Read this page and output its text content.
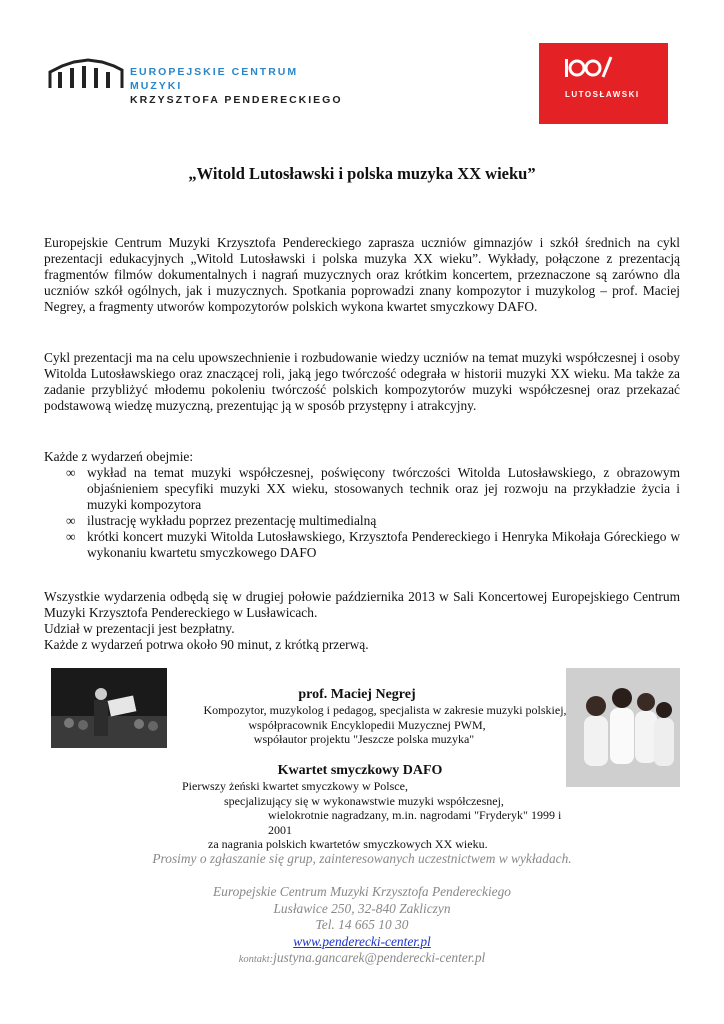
EUROPEJSKIE CENTRUM MUZYKI
KRZYSZTOFA PENDERECKIEGO	LUTOSŁAWSKI
„Witold Lutosławski i polska muzyka XX wieku”

Europejskie Centrum Muzyki Krzysztofa Pendereckiego zaprasza uczniów gimnazjów i szkół średnich na cykl prezentacji edukacyjnych „Witold Lutosławski i polska muzyka XX wieku”. Wykłady, połączone z prezentacją fragmentów filmów dokumentalnych i nagrań muzycznych oraz krótkim koncertem, przeznaczone są zarówno dla uczniów szkół ogólnych, jak i muzycznych. Spotkania poprowadzi znany kompozytor i muzykolog – prof. Maciej Negrey, a fragmenty utworów kompozytorów polskich wykona kwartet smyczkowy DAFO.

Cykl prezentacji ma na celu upowszechnienie i rozbudowanie wiedzy uczniów na temat muzyki współczesnej i osoby Witolda Lutosławskiego oraz znaczącej roli, jaką jego twórczość odegrała w historii muzyki XX wieku. Ma także za zadanie przybliżyć młodemu pokoleniu twórczość polskich kompozytorów muzyki współczesnej oraz przekazać podstawową wiedzę muzyczną, prezentując ją w sposób przystępny i atrakcyjny.

Każde z wydarzeń obejmie:
∞ wykład na temat muzyki współczesnej, poświęcony twórczości Witolda Lutosławskiego, z obrazowym objaśnieniem specyfiki muzyki XX wieku, stosowanych technik oraz jej rozwoju na przykładzie życia i muzyki kompozytora
∞ ilustrację wykładu poprzez prezentację multimedialną
∞ krótki koncert muzyki Witolda Lutosławskiego, Krzysztofa Pendereckiego i Henryka Mikołaja Góreckiego w wykonaniu kwartetu smyczkowego DAFO

Wszystkie wydarzenia odbędą się w drugiej połowie października 2013 w Sali Koncertowej Europejskiego Centrum Muzyki Krzysztofa Pendereckiego w Lusławicach.

Udział w prezentacji jest bezpłatny.
Każde z wydarzeń potrwa około 90 minut, z krótką przerwą.
prof. Maciej Negrej
Kompozytor, muzykolog i pedagog, specjalista w zakresie muzyki polskiej,
współpracownik Encyklopedii Muzycznej PWM,
współautor projektu "Jeszcze polska muzyka"
Kwartet smyczkowy DAFO
Pierwszy żeński kwartet smyczkowy w Polsce,
specjalizujący się w wykonawstwie muzyki współczesnej,
wielokrotnie nagradzany, m.in. nagrodami "Fryderyk" 1999 i 2001
za nagrania polskich kwartetów smyczkowych XX wieku.
Prosimy o zgłaszanie się grup, zainteresowanych uczestnictwem w wykładach.
Europejskie Centrum Muzyki Krzysztofa Pendereckiego
Lusławice 250, 32-840 Zakliczyn
Tel. 14 665 10 30
www.penderecki-center.pl
kontakt:justyna.gancarek@penderecki-center.pl
